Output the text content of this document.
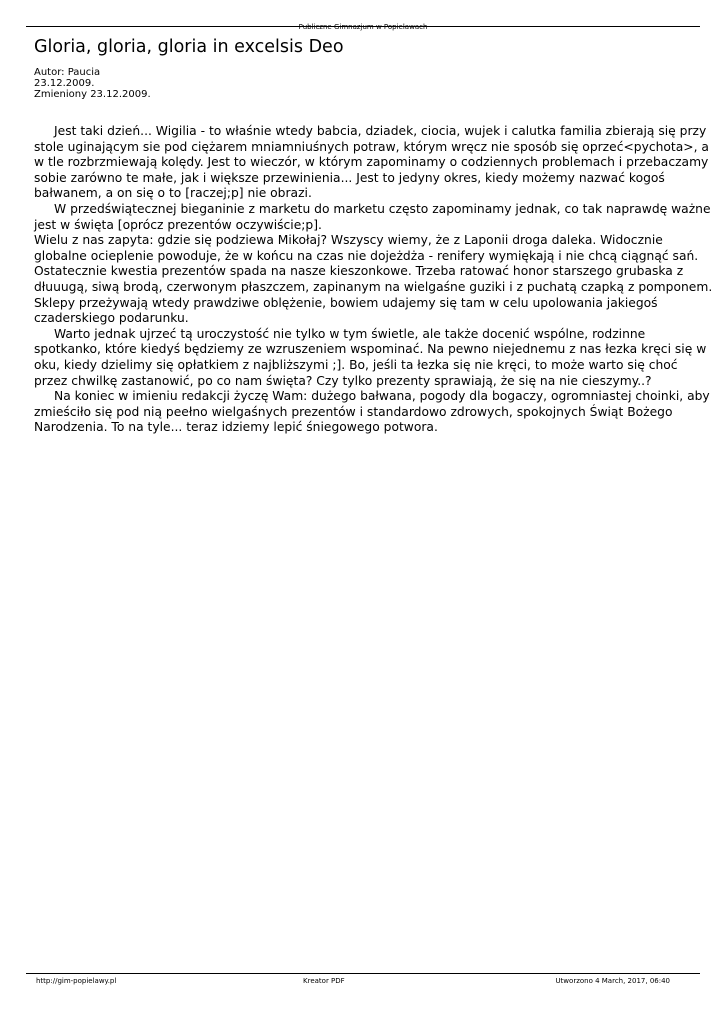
Publiczne Gimnazjum w Popielawach
Gloria, gloria, gloria in excelsis Deo
Autor: Paucia
23.12.2009.
Zmieniony 23.12.2009.

Jest taki dzień... Wigilia - to właśnie wtedy babcia, dziadek, ciocia, wujek i calutka familia zbierają się przy stole uginającym sie pod ciężarem mniamniuśnych potraw, którym wręcz nie sposób się oprzeć<pychota>, a w tle rozbrzmiewają kolędy. Jest to wieczór, w którym zapominamy o codziennych problemach i przebaczamy sobie zarówno te małe, jak i większe przewinienia... Jest to jedyny okres, kiedy możemy nazwać kogoś bałwanem, a on się o to [raczej;p] nie obrazi.

W przedświątecznej bieganinie z marketu do marketu często zapominamy jednak, co tak naprawdę ważne jest w święta [oprócz prezentów oczywiście;p].

Wielu z nas zapyta: gdzie się podziewa Mikołaj? Wszyscy wiemy, że z Laponii droga daleka. Widocznie globalne ocieplenie powoduje, że w końcu na czas nie dojeżdża - renifery wymiękają i nie chcą ciągnąć sań. Ostatecznie kwestia prezentów spada na nasze kieszonkowe. Trzeba ratować honor starszego grubaska z dłuuugą, siwą brodą, czerwonym płaszczem, zapinanym na wielgaśne guziki i z puchatą czapką z pomponem. Sklepy przeżywają wtedy prawdziwe oblężenie, bowiem udajemy się tam w celu upolowania jakiegoś czaderskiego podarunku.

Warto jednak ujrzeć tą uroczystość nie tylko w tym świetle, ale także docenić wspólne, rodzinne spotkanko, które kiedyś będziemy ze wzruszeniem wspominać. Na pewno niejednemu z nas łezka kręci się w oku, kiedy dzielimy się opłatkiem z najbliższymi ;]. Bo, jeśli ta łezka się nie kręci, to może warto się choć przez chwilkę zastanowić, po co nam święta? Czy tylko prezenty sprawiają, że się na nie cieszymy..?

Na koniec w imieniu redakcji życzę Wam: dużego bałwana, pogody dla bogaczy, ogromniastej choinki, aby zmieściło się pod nią peełno wielgaśnych prezentów i standardowo zdrowych, spokojnych Świąt Bożego Narodzenia. To na tyle... teraz idziemy lepić śniegowego potwora.

http://gim-popielawy.pl	Kreator PDF	Utworzono 4 March, 2017, 06:40
